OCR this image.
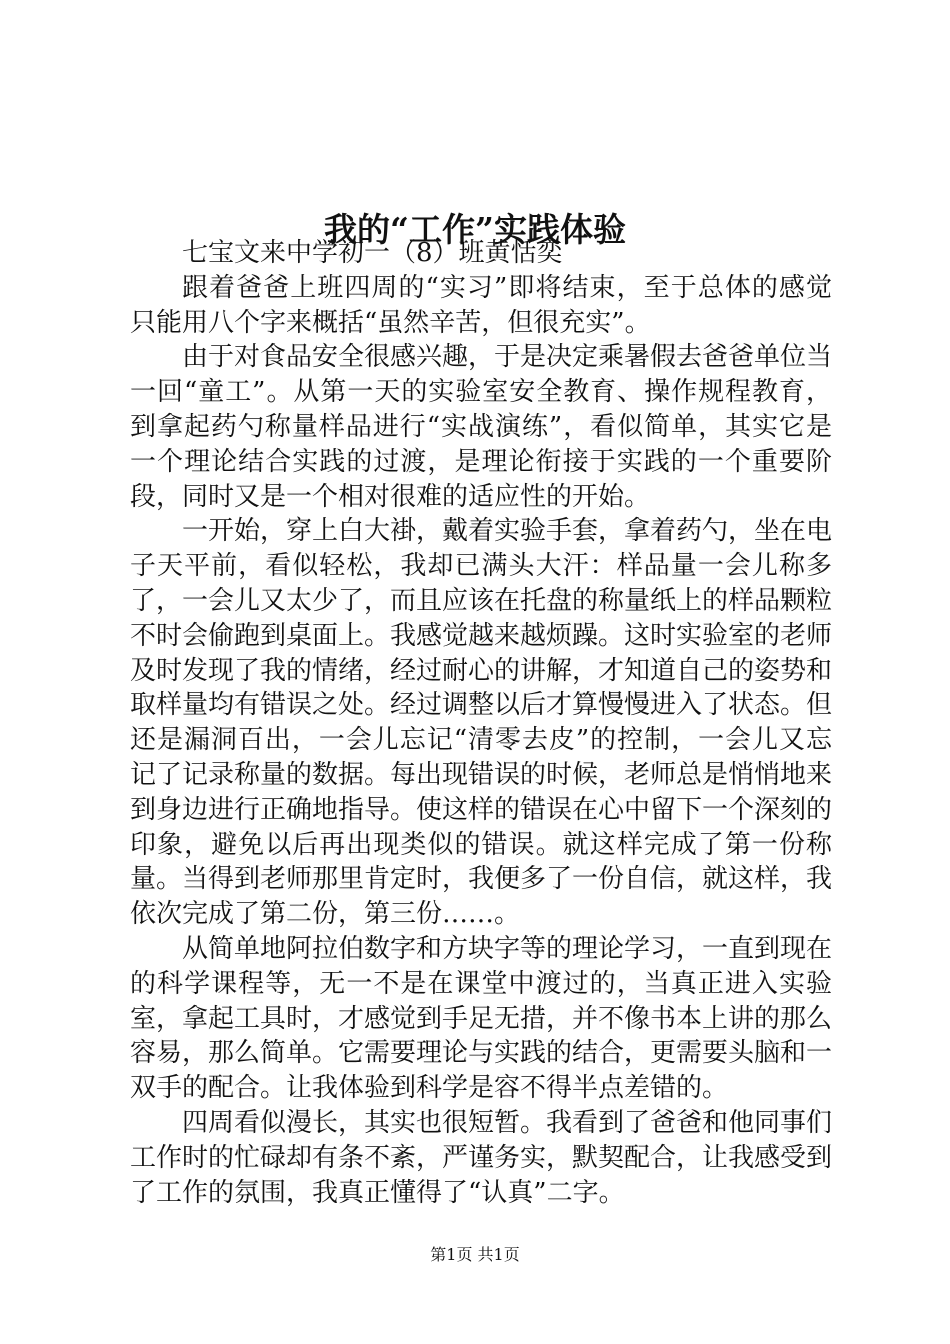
我的“工作”实践体验

七宝文来中学初一（8）班黄恬奕

跟着爸爸上班四周的“实习”即将结束，至于总体的感觉只能用八个字来概括“虽然辛苦，但很充实”。

由于对食品安全很感兴趣，于是决定乘暑假去爸爸单位当一回“童工”。从第一天的实验室安全教育、操作规程教育，到拿起药勺称量样品进行“实战演练”，看似简单，其实它是一个理论结合实践的过渡，是理论衔接于实践的一个重要阶段，同时又是一个相对很难的适应性的开始。

一开始，穿上白大褂，戴着实验手套，拿着药勺，坐在电子天平前，看似轻松，我却已满头大汗：样品量一会儿称多了，一会儿又太少了，而且应该在托盘的称量纸上的样品颗粒不时会偷跑到桌面上。我感觉越来越烦躁。这时实验室的老师及时发现了我的情绪，经过耐心的讲解，才知道自己的姿势和取样量均有错误之处。经过调整以后才算慢慢进入了状态。但还是漏洞百出，一会儿忘记“清零去皮”的控制，一会儿又忘记了记录称量的数据。每出现错误的时候，老师总是悄悄地来到身边进行正确地指导。使这样的错误在心中留下一个深刻的印象，避免以后再出现类似的错误。就这样完成了第一份称量。当得到老师那里肯定时，我便多了一份自信，就这样，我依次完成了第二份，第三份……。

从简单地阿拉伯数字和方块字等的理论学习，一直到现在的科学课程等，无一不是在课堂中渡过的，当真正进入实验室，拿起工具时，才感觉到手足无措，并不像书本上讲的那么容易，那么简单。它需要理论与实践的结合，更需要头脑和一双手的配合。让我体验到科学是容不得半点差错的。

四周看似漫长，其实也很短暂。我看到了爸爸和他同事们工作时的忙碌却有条不紊，严谨务实，默契配合，让我感受到了工作的氛围，我真正懂得了“认真”二字。

第1页 共1页
